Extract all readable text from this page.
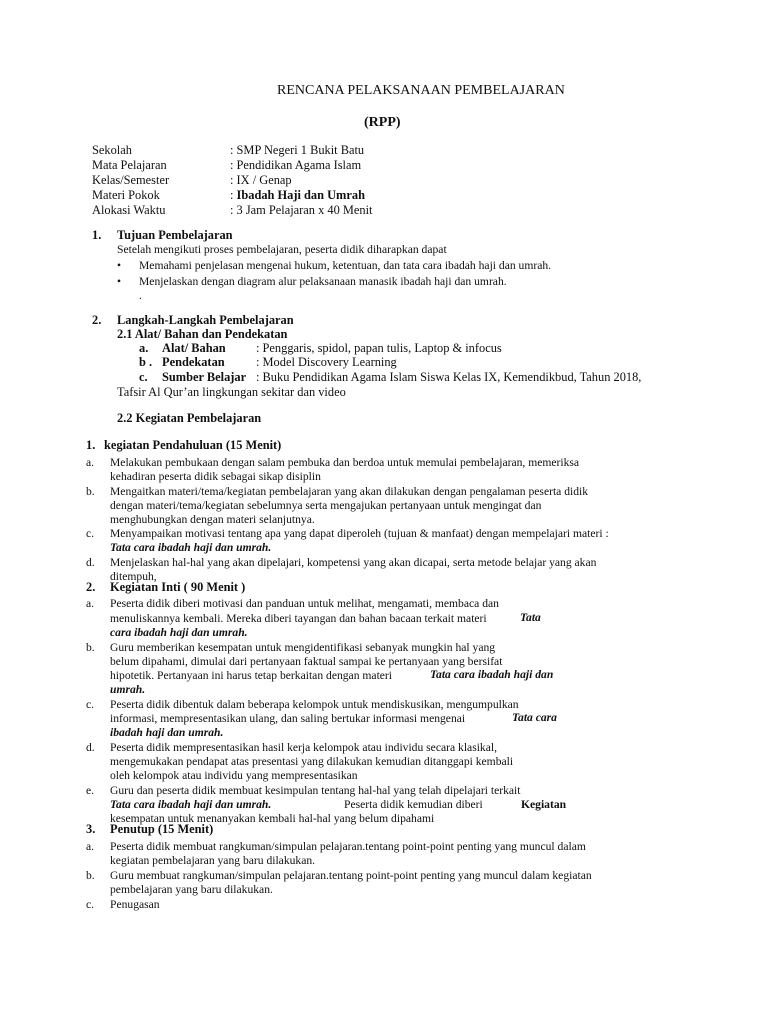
RENCANA PELAKSANAAN PEMBELAJARAN
(RPP)
Sekolah	: SMP Negeri 1 Bukit Batu
Mata Pelajaran	: Pendidikan Agama Islam
Kelas/Semester	: IX / Genap
Materi Pokok	: Ibadah Haji dan Umrah
Alokasi Waktu	: 3 Jam Pelajaran x 40 Menit
1. Tujuan Pembelajaran
Setelah mengikuti proses pembelajaran, peserta didik diharapkan dapat
• Memahami penjelasan mengenai hukum, ketentuan, dan tata cara ibadah haji dan umrah.
• Menjelaskan dengan diagram alur pelaksanaan manasik ibadah haji dan umrah.
.
2. Langkah-Langkah Pembelajaran
2.1 Alat/ Bahan dan Pendekatan
a. Alat/ Bahan : Penggaris, spidol, papan tulis, Laptop & infocus
b . Pendekatan	: Model Discovery Learning
c. Sumber Belajar : Buku Pendidikan Agama Islam Siswa Kelas IX, Kemendikbud, Tahun 2018,
Tafsir Al Qur’an lingkungan sekitar dan video
2.2 Kegiatan Pembelajaran
1. kegiatan Pendahuluan (15 Menit)
a. Melakukan pembukaan dengan salam pembuka dan berdoa untuk memulai pembelajaran, memeriksa
kehadiran peserta didik sebagai sikap disiplin
b. Mengaitkan materi/tema/kegiatan pembelajaran yang akan dilakukan dengan pengalaman peserta didik
dengan materi/tema/kegiatan sebelumnya serta mengajukan pertanyaan untuk mengingat dan
menghubungkan dengan materi selanjutnya.
c. Menyampaikan motivasi tentang apa yang dapat diperoleh (tujuan & manfaat) dengan mempelajari materi :
Tata cara ibadah haji dan umrah.
d. Menjelaskan hal-hal yang akan dipelajari, kompetensi yang akan dicapai, serta metode belajar yang akan
ditempuh,
2. Kegiatan Inti ( 90 Menit )
a. Peserta didik diberi motivasi dan panduan untuk melihat, mengamati, membaca dan
menuliskannya kembali. Mereka diberi tayangan dan bahan bacaan terkait materi	Tata
cara ibadah haji dan umrah.
b. Guru memberikan kesempatan untuk mengidentifikasi sebanyak mungkin hal yang
belum dipahami, dimulai dari pertanyaan faktual sampai ke pertanyaan yang bersifat
hipotetik. Pertanyaan ini harus tetap berkaitan dengan materi	Tata cara ibadah haji dan
umrah.
c. Peserta didik dibentuk dalam beberapa kelompok untuk mendiskusikan, mengumpulkan
informasi, mempresentasikan ulang, dan saling bertukar informasi mengenai	Tata cara
ibadah haji dan umrah.
d. Peserta didik mempresentasikan hasil kerja kelompok atau individu secara klasikal,
mengemukakan pendapat atas presentasi yang dilakukan kemudian ditanggapi kembali
oleh kelompok atau individu yang mempresentasikan
e. Guru dan peserta didik membuat kesimpulan tentang hal-hal yang telah dipelajari terkait
Tata cara ibadah haji dan umrah.	Peserta didik kemudian diberi	Kegiatan
kesempatan untuk menanyakan kembali hal-hal yang belum dipahami
3. Penutup (15 Menit)
a. Peserta didik membuat rangkuman/simpulan pelajaran.tentang point-point penting yang muncul dalam
kegiatan pembelajaran yang baru dilakukan.
b. Guru membuat rangkuman/simpulan pelajaran.tentang point-point penting yang muncul dalam kegiatan
pembelajaran yang baru dilakukan.
c. Penugasan
